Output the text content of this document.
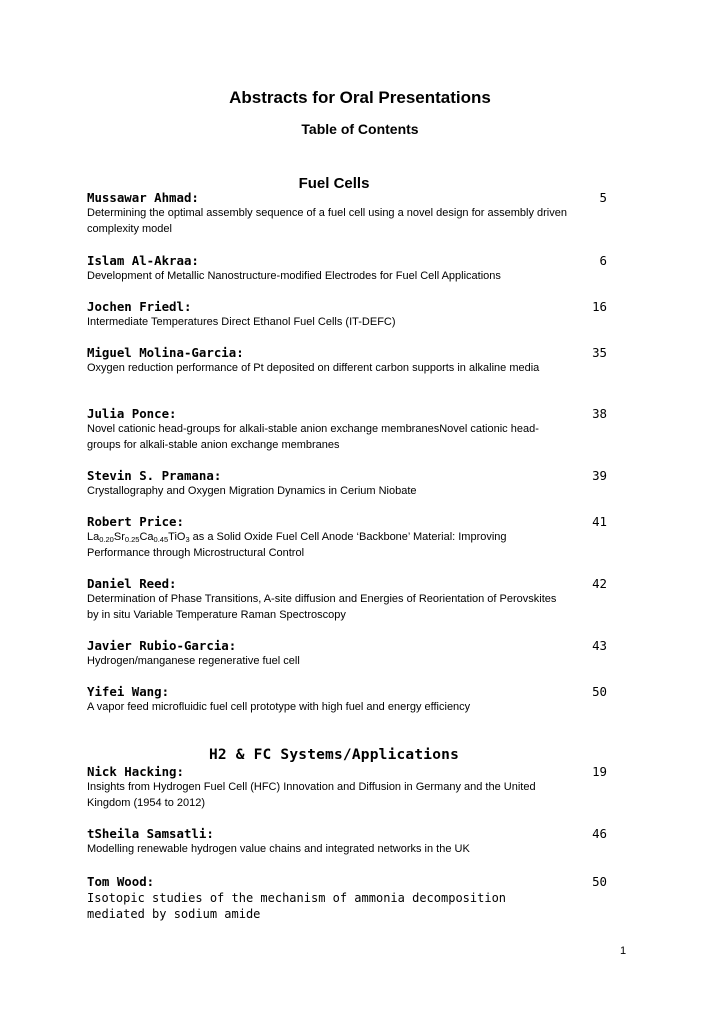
Abstracts for Oral Presentations
Table of Contents
Fuel Cells
Mussawar Ahmad:	5
Determining the optimal assembly sequence of a fuel cell using a novel design for assembly driven complexity model
Islam Al-Akraa:	6
Development of Metallic Nanostructure-modified Electrodes for Fuel Cell Applications
Jochen Friedl:	16
Intermediate Temperatures Direct Ethanol Fuel Cells (IT-DEFC)
Miguel Molina-Garcia:	35
Oxygen reduction performance of Pt deposited on different carbon supports in alkaline media
Julia Ponce:	38
Novel cationic head-groups for alkali-stable anion exchange membranesNovel cationic head-groups for alkali-stable anion exchange membranes
Stevin S. Pramana:	39
Crystallography and Oxygen Migration Dynamics in Cerium Niobate
Robert Price:	41
$La_{0.20}Sr_{0.25}Ca_{0.45}TiO_3$ as a Solid Oxide Fuel Cell Anode ‘Backbone’ Material: Improving Performance through Microstructural Control
Daniel Reed:	42
Determination of Phase Transitions, A-site diffusion and Energies of Reorientation of Perovskites by in situ Variable Temperature Raman Spectroscopy
Javier Rubio-Garcia:	43
Hydrogen/manganese regenerative fuel cell
Yifei Wang:	50
A vapor feed microfluidic fuel cell prototype with high fuel and energy efficiency
H2 & FC Systems/Applications
Nick Hacking:	19
Insights from Hydrogen Fuel Cell (HFC) Innovation and Diffusion in Germany and the United Kingdom (1954 to 2012)
tSheila Samsatli:	46
Modelling renewable hydrogen value chains and integrated networks in the UK
Tom Wood:	50
Isotopic studies of the mechanism of ammonia decomposition mediated by sodium amide
1
